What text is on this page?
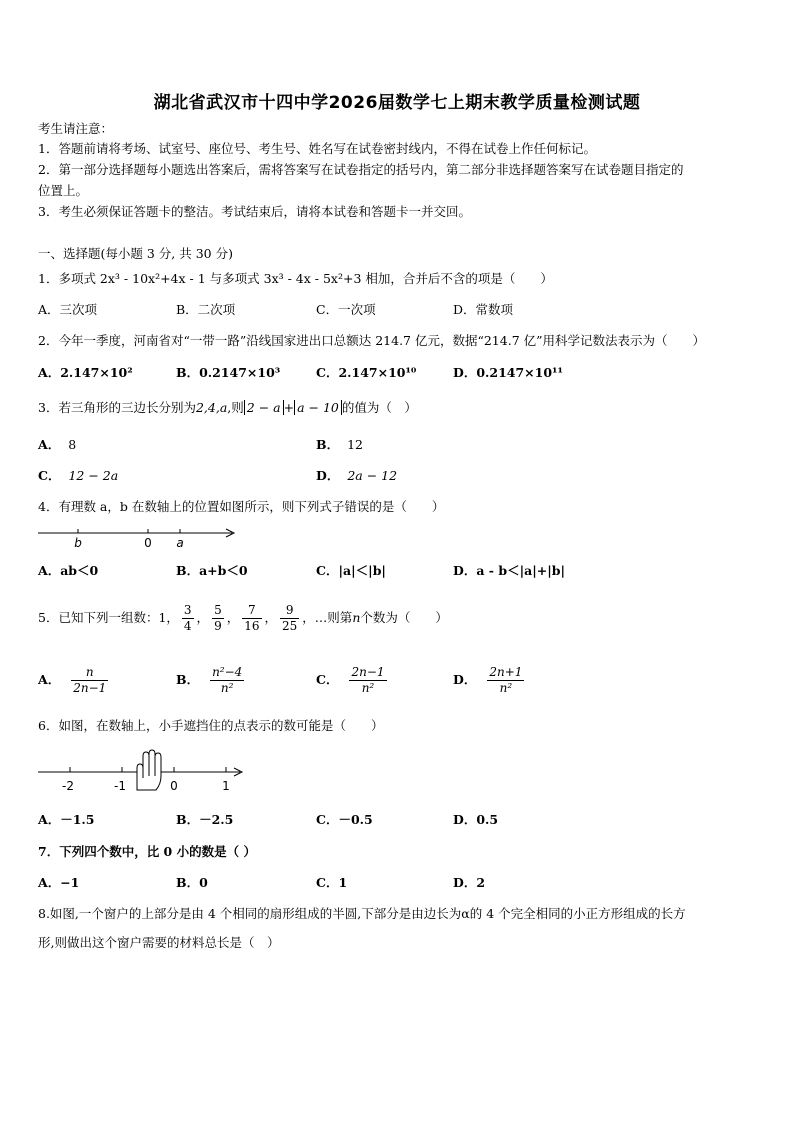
湖北省武汉市十四中学2026届数学七上期末教学质量检测试题
考生请注意：
1．答题前请将考场、试室号、座位号、考生号、姓名写在试卷密封线内，不得在试卷上作任何标记。
2．第一部分选择题每小题选出答案后，需将答案写在试卷指定的括号内，第二部分非选择题答案写在试卷题目指定的
位置上。
3．考生必须保证答题卡的整洁。考试结束后，请将本试卷和答题卡一并交回。
一、选择题(每小题 3 分, 共 30 分)
1．多项式 2x³ - 10x²+4x - 1 与多项式 3x³ - 4x - 5x²+3 相加，合并后不含的项是（　　）
A．三次项	B．二次项	C．一次项	D．常数项
2．今年一季度，河南省对“一带一路”沿线国家进出口总额达 214.7 亿元，数据“214.7 亿”用科学记数法表示为（　　）
A．2.147×10²	B．0.2147×10³	C．2.147×10¹⁰	D．0.2147×10¹¹
3．若三角形的三边长分别为2,4,a,则 2 − a + a − 10 的值为（　）
A． 8	B． 12
C． 12 − 2a	D． 2a − 12
4．有理数 a，b 在数轴上的位置如图所示，则下列式子错误的是（　　）
b	0 a
A．ab＜0	B．a+b＜0	C．|a|＜|b|	D．a - b＜|a|+|b|
5．已知下列一组数：1， $\frac{3}{4}$ ， $\frac{5}{9}$ ， $\frac{7}{16}$ ， $\frac{9}{25}$ ，…则第n个数为（　　）
A． $\frac{n}{2n-1}$	B． $\frac{\text{n²−4}}{\text{n²}}$	C． $\frac{2n-1}{\text{n²}}$	D． $\frac{2n+1}{\text{n²}}$
6．如图，在数轴上，小手遮挡住的点表示的数可能是（　　）
-2	-1	0	1
A．－1.5	B．－2.5	C．－0.5	D．0.5
7．下列四个数中，比 0 小的数是（ ）
A．−1	B．0	C．1	D．2
8.如图,一个窗户的上部分是由 4 个相同的扇形组成的半圆,下部分是由边长为α的 4 个完全相同的小正方形组成的长方
形,则做出这个窗户需要的材料总长是（　）
